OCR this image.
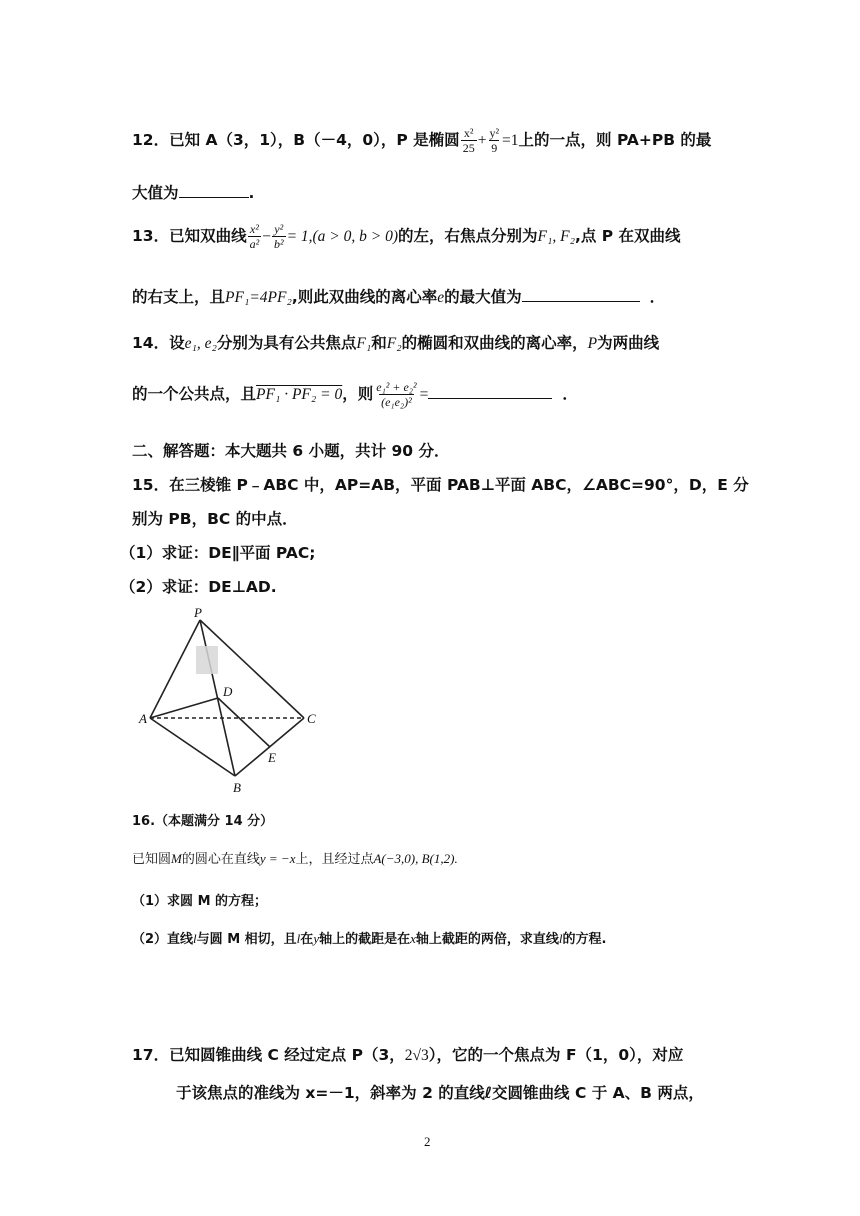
12．已知 A（3，1），B（－4，0），P 是椭圆 $\frac{\text{x²}}{25} + \frac{\text{y²}}{9} =1$上的一点，则 PA+PB 的最
大值为	.
13．已知双曲线 $\frac{\text{x²}}{\text{a²}} - \frac{\text{y²}}{\text{b²}} = 1,(a > 0$, b > 0)的左，右焦点分别为F₁, F₂,点 P 在双曲线
的右支上，且PF₁=4PF₂,则此双曲线的离心率e的最大值为	．
14．设e₁, e₂分别为具有公共焦点F₁和F₂的椭圆和双曲线的离心率，P为两曲线
的一个公共点，且PF₁ · PF₂ = 0，则 $\frac{\text{e₁² + e₂²}}{\text{(e₁e₂)²}}$ =	．
二、解答题：本大题共 6 小题，共计 90 分．
15．在三棱锥 P﹣ABC 中，AP=AB，平面 PAB⊥平面 ABC，∠ABC=90°，D，E 分
别为 PB，BC 的中点．
（1）求证：DE∥平面 PAC;
（2）求证：DE⊥AD.
P
A
B
C
D
E
16.（本题满分 14 分）
已知圆M的圆心在直线y = −x上，且经过点A(−3,0), B(1,2).
（1）求圆 M 的方程；
（2）直线l与圆 M 相切，且l在y轴上的截距是在x轴上截距的两倍，求直线l的方程.
17．已知圆锥曲线 C 经过定点 P（3，2√3），它的一个焦点为 F（1，0），对应
于该焦点的准线为 x=－1，斜率为 2 的直线ℓ交圆锥曲线 C 于 A、B 两点，
2
